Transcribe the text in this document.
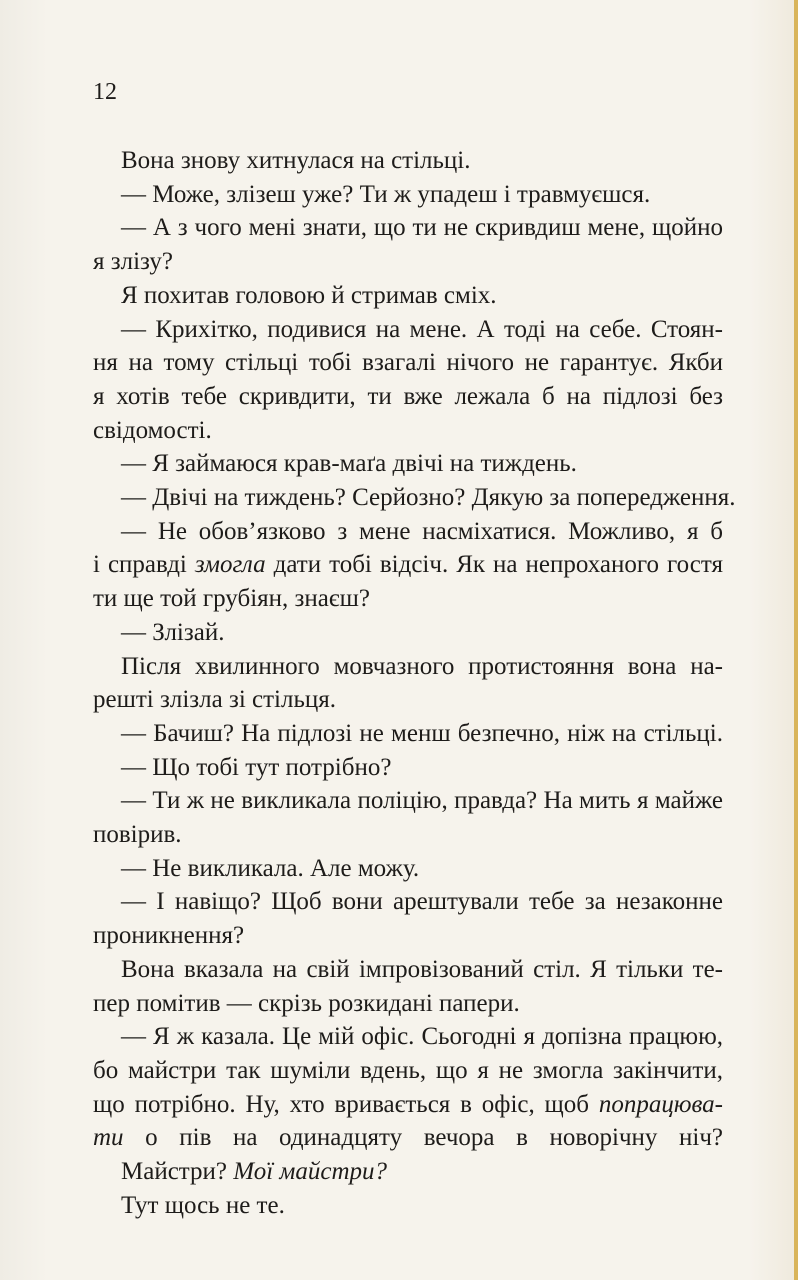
12

Вона знову хитнулася на стільці.
— Може, злізеш уже? Ти ж упадеш і травмуєшся.
— А з чого мені знати, що ти не скривдиш мене, щойно
я злізу?
Я похитав головою й стримав сміх.
— Крихітко, подивися на мене. А тоді на себе. Стоян-
ня на тому стільці тобі взагалі нічого не гарантує. Якби
я хотів тебе скривдити, ти вже лежала б на підлозі без
свідомості.
— Я займаюся крав-маґа двічі на тиждень.
— Двічі на тиждень? Серйозно? Дякую за попередження.
— Не обов’язково з мене насміхатися. Можливо, я б
і справді змогла дати тобі відсіч. Як на непроханого гостя
ти ще той грубіян, знаєш?
— Злізай.
Після хвилинного мовчазного протистояння вона на-
решті злізла зі стільця.
— Бачиш? На підлозі не менш безпечно, ніж на стільці.
— Що тобі тут потрібно?
— Ти ж не викликала поліцію, правда? На мить я майже
повірив.
— Не викликала. Але можу.
— І навіщо? Щоб вони арештували тебе за незаконне
проникнення?
Вона вказала на свій імпровізований стіл. Я тільки те-
пер помітив — скрізь розкидані папери.
— Я ж казала. Це мій офіс. Сьогодні я допізна працюю,
бо майстри так шуміли вдень, що я не змогла закінчити,
що потрібно. Ну, хто вривається в офіс, щоб попрацюва-
ти о пів на одинадцяту вечора в новорічну ніч?
Майстри? Мої майстри?
Тут щось не те.
